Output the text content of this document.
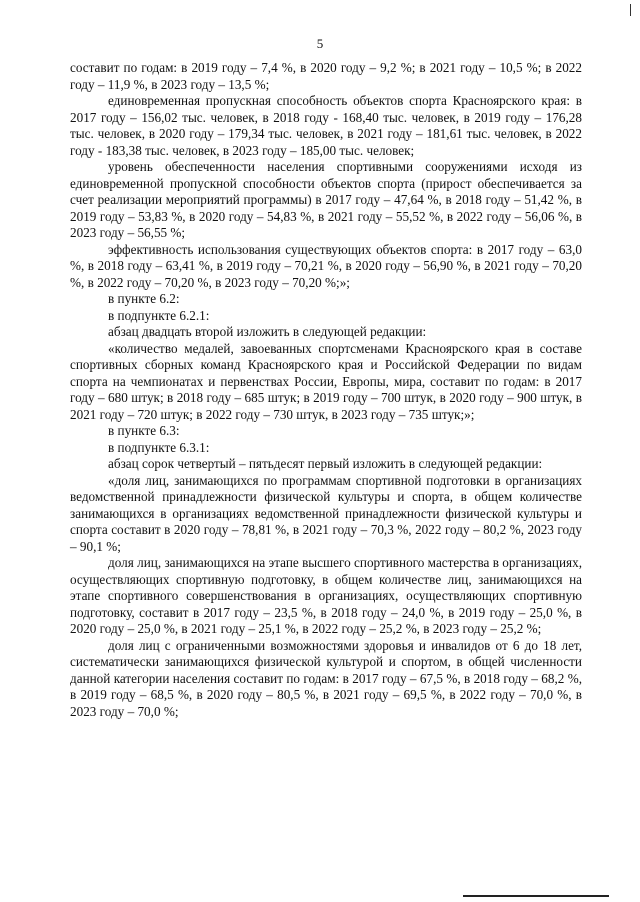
5

составит по годам: в 2019 году – 7,4 %, в 2020 году – 9,2 %; в 2021 году – 10,5 %; в 2022 году – 11,9 %, в 2023 году – 13,5 %;

единовременная пропускная способность объектов спорта Красноярского края: в 2017 году – 156,02 тыс. человек, в 2018 году - 168,40 тыс. человек, в 2019 году – 176,28 тыс. человек, в 2020 году – 179,34 тыс. человек, в 2021 году – 181,61 тыс. человек, в 2022 году - 183,38 тыс. человек, в 2023 году – 185,00 тыс. человек;

уровень обеспеченности населения спортивными сооружениями исходя из единовременной пропускной способности объектов спорта (прирост обеспечивается за счет реализации мероприятий программы) в 2017 году – 47,64 %, в 2018 году – 51,42 %, в 2019 году – 53,83 %, в 2020 году – 54,83 %, в 2021 году – 55,52 %, в 2022 году – 56,06 %, в 2023 году – 56,55 %;

эффективность использования существующих объектов спорта: в 2017 году – 63,0 %, в 2018 году – 63,41 %, в 2019 году – 70,21 %, в 2020 году – 56,90 %, в 2021 году – 70,20 %, в 2022 году – 70,20 %, в 2023 году – 70,20 %;»;

в пункте 6.2:

в подпункте 6.2.1:

абзац двадцать второй изложить в следующей редакции:

«количество медалей, завоеванных спортсменами Красноярского края в составе спортивных сборных команд Красноярского края и Российской Федерации по видам спорта на чемпионатах и первенствах России, Европы, мира, составит по годам: в 2017 году – 680 штук; в 2018 году – 685 штук; в 2019 году – 700 штук, в 2020 году – 900 штук, в 2021 году – 720 штук; в 2022 году – 730 штук, в 2023 году – 735 штук;»;

в пункте 6.3:

в подпункте 6.3.1:

абзац сорок четвертый – пятьдесят первый изложить в следующей редакции:

«доля лиц, занимающихся по программам спортивной подготовки в организациях ведомственной принадлежности физической культуры и спорта, в общем количестве занимающихся в организациях ведомственной принадлежности физической культуры и спорта составит в 2020 году – 78,81 %, в 2021 году – 70,3 %, 2022 году – 80,2 %, 2023 году – 90,1 %;

доля лиц, занимающихся на этапе высшего спортивного мастерства в организациях, осуществляющих спортивную подготовку, в общем количестве лиц, занимающихся на этапе спортивного совершенствования в организациях, осуществляющих спортивную подготовку, составит в 2017 году – 23,5 %, в 2018 году – 24,0 %, в 2019 году – 25,0 %, в 2020 году – 25,0 %, в 2021 году – 25,1 %, в 2022 году – 25,2 %, в 2023 году – 25,2 %;

доля лиц с ограниченными возможностями здоровья и инвалидов от 6 до 18 лет, систематически занимающихся физической культурой и спортом, в общей численности данной категории населения составит по годам: в 2017 году – 67,5 %, в 2018 году – 68,2 %, в 2019 году – 68,5 %, в 2020 году – 80,5 %, в 2021 году – 69,5 %, в 2022 году – 70,0 %, в 2023 году – 70,0 %;
